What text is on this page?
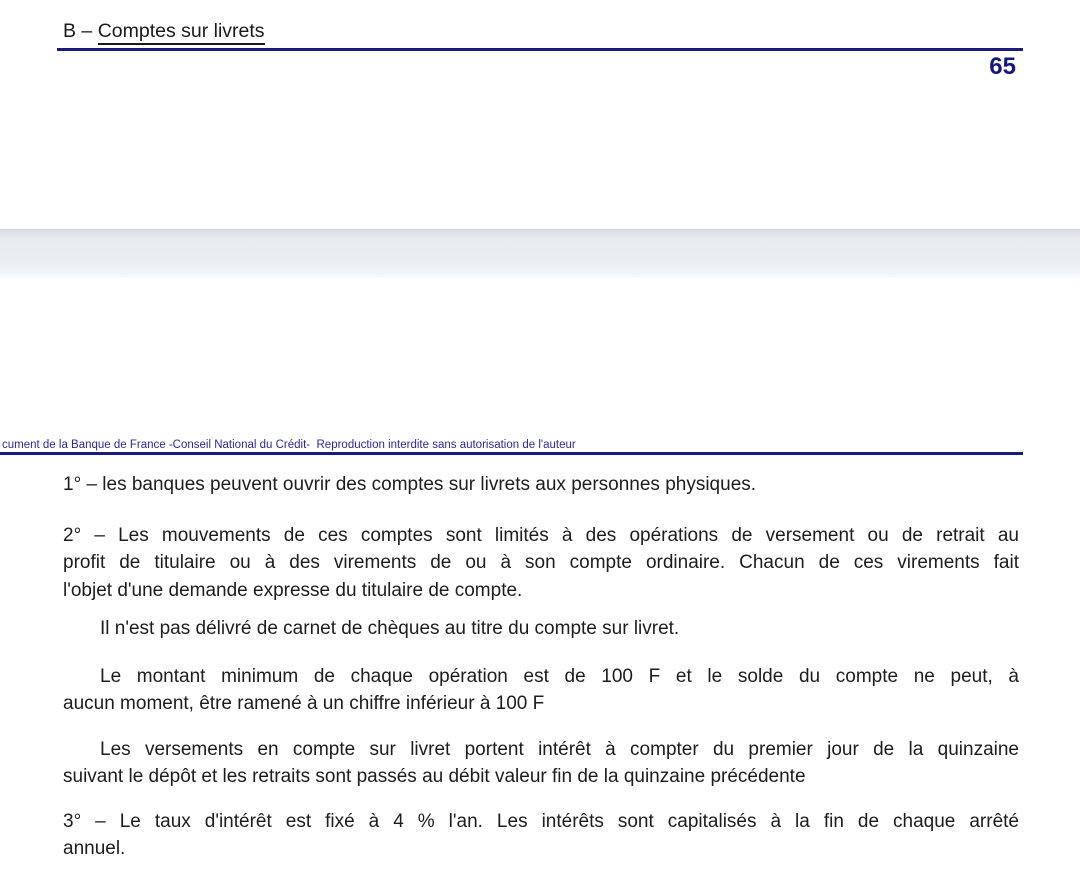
B – Comptes sur livrets
65
cument de la Banque de France -Conseil National du Crédit-  Reproduction interdite sans autorisation de l'auteur

1° – les banques peuvent ouvrir des comptes sur livrets aux personnes physiques.

2° – Les mouvements de ces comptes sont limités à des opérations de versement ou de retrait au
profit de titulaire ou à des virements de ou à son compte ordinaire. Chacun de ces virements fait
l'objet d'une demande expresse du titulaire de compte.

Il n'est pas délivré de carnet de chèques au titre du compte sur livret.

Le montant minimum de chaque opération est de 100 F et le solde du compte ne peut, à
aucun moment, être ramené à un chiffre inférieur à 100 F

Les versements en compte sur livret portent intérêt à compter du premier jour de la quinzaine
suivant le dépôt et les retraits sont passés au débit valeur fin de la quinzaine précédente

3° – Le taux d'intérêt est fixé à 4 % l'an. Les intérêts sont capitalisés à la fin de chaque arrêté
annuel.
